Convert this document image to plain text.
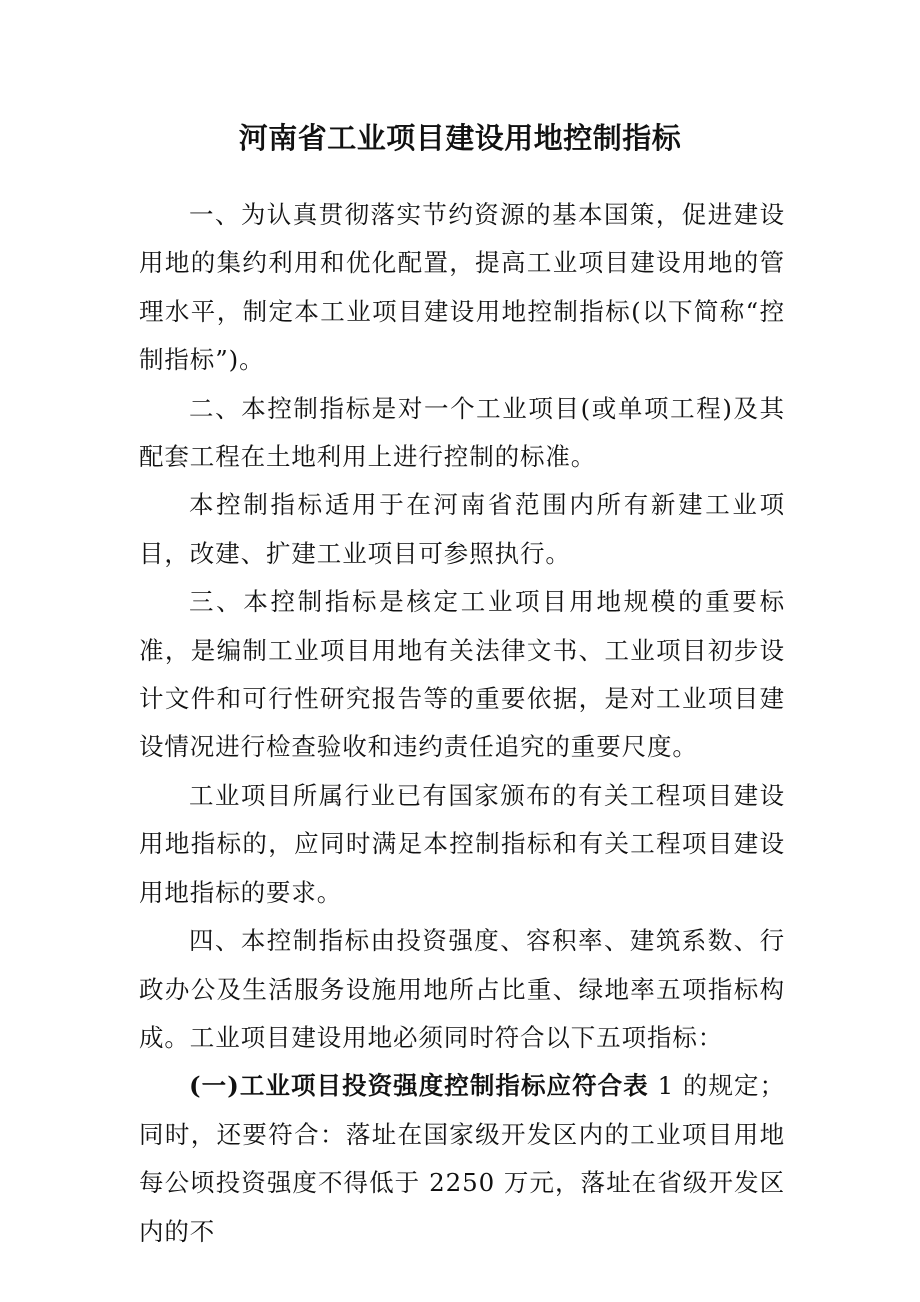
河南省工业项目建设用地控制指标

一、为认真贯彻落实节约资源的基本国策，促进建设用地的集约利用和优化配置，提高工业项目建设用地的管理水平，制定本工业项目建设用地控制指标(以下简称“控制指标”)。

二、本控制指标是对一个工业项目(或单项工程)及其配套工程在土地利用上进行控制的标准。

本控制指标适用于在河南省范围内所有新建工业项目，改建、扩建工业项目可参照执行。

三、本控制指标是核定工业项目用地规模的重要标准，是编制工业项目用地有关法律文书、工业项目初步设计文件和可行性研究报告等的重要依据，是对工业项目建设情况进行检查验收和违约责任追究的重要尺度。

工业项目所属行业已有国家颁布的有关工程项目建设用地指标的，应同时满足本控制指标和有关工程项目建设用地指标的要求。

四、本控制指标由投资强度、容积率、建筑系数、行政办公及生活服务设施用地所占比重、绿地率五项指标构成。工业项目建设用地必须同时符合以下五项指标：

(一)工业项目投资强度控制指标应符合表 1 的规定；同时，还要符合：落址在国家级开发区内的工业项目用地每公顷投资强度不得低于 2250 万元，落址在省级开发区内的不
